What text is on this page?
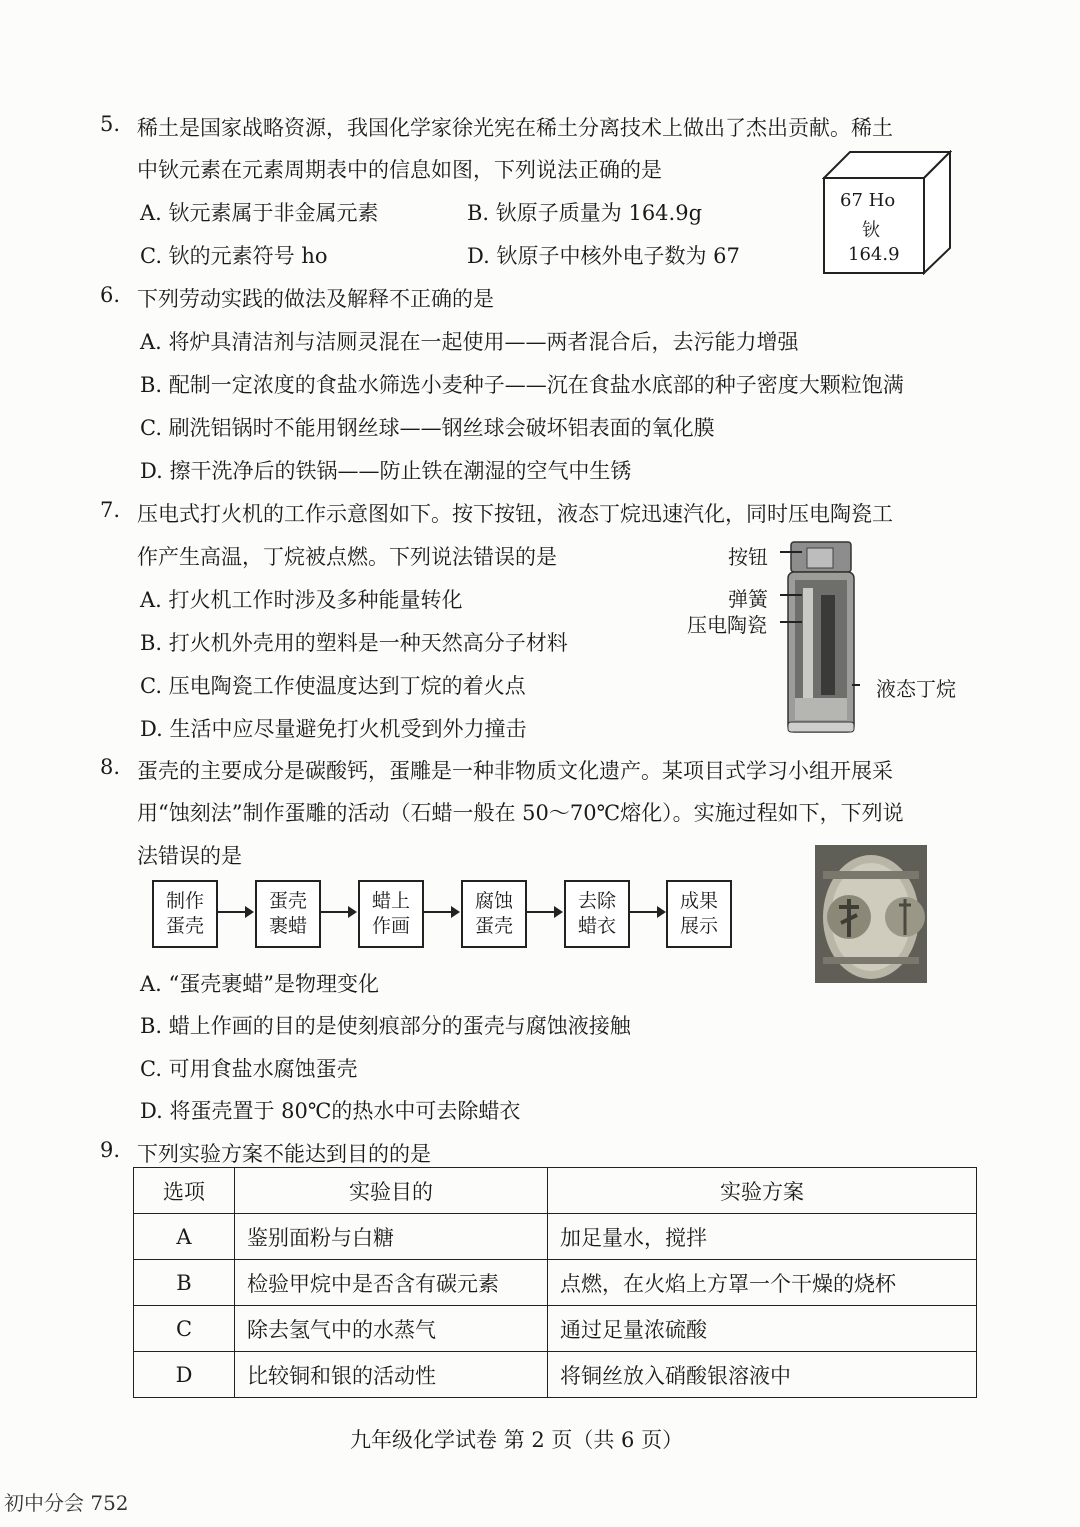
5. 稀土是国家战略资源，我国化学家徐光宪在稀土分离技术上做出了杰出贡献。稀土
中钬元素在元素周期表中的信息如图，下列说法正确的是
A. 钬元素属于非金属元素	B. 钬原子质量为 164.9g
C. 钬的元素符号 ho	D. 钬原子中核外电子数为 67
67 Ho
钬
164.9
6. 下列劳动实践的做法及解释不正确的是
A. 将炉具清洁剂与洁厕灵混在一起使用——两者混合后，去污能力增强
B. 配制一定浓度的食盐水筛选小麦种子——沉在食盐水底部的种子密度大颗粒饱满
C. 刷洗铝锅时不能用钢丝球——钢丝球会破坏铝表面的氧化膜
D. 擦干洗净后的铁锅——防止铁在潮湿的空气中生锈
7. 压电式打火机的工作示意图如下。按下按钮，液态丁烷迅速汽化，同时压电陶瓷工
作产生高温，丁烷被点燃。下列说法错误的是
A. 打火机工作时涉及多种能量转化
B. 打火机外壳用的塑料是一种天然高分子材料
C. 压电陶瓷工作使温度达到丁烷的着火点
D. 生活中应尽量避免打火机受到外力撞击
按钮
弹簧
压电陶瓷
液态丁烷
8. 蛋壳的主要成分是碳酸钙，蛋雕是一种非物质文化遗产。某项目式学习小组开展采
用“蚀刻法”制作蛋雕的活动（石蜡一般在 50～70℃熔化）。实施过程如下，下列说
法错误的是
制作
蛋壳
蛋壳
裹蜡
蜡上
作画
腐蚀
蛋壳
去除
蜡衣
成果
展示
A. “蛋壳裹蜡”是物理变化
B. 蜡上作画的目的是使刻痕部分的蛋壳与腐蚀液接触
C. 可用食盐水腐蚀蛋壳
D. 将蛋壳置于 80℃的热水中可去除蜡衣
9. 下列实验方案不能达到目的的是
选项	实验目的	实验方案
A	鉴别面粉与白糖	加足量水，搅拌
B	检验甲烷中是否含有碳元素	点燃，在火焰上方罩一个干燥的烧杯
C	除去氢气中的水蒸气	通过足量浓硫酸
D	比较铜和银的活动性	将铜丝放入硝酸银溶液中
九年级化学试卷 第 2 页（共 6 页）
初中分会 752
